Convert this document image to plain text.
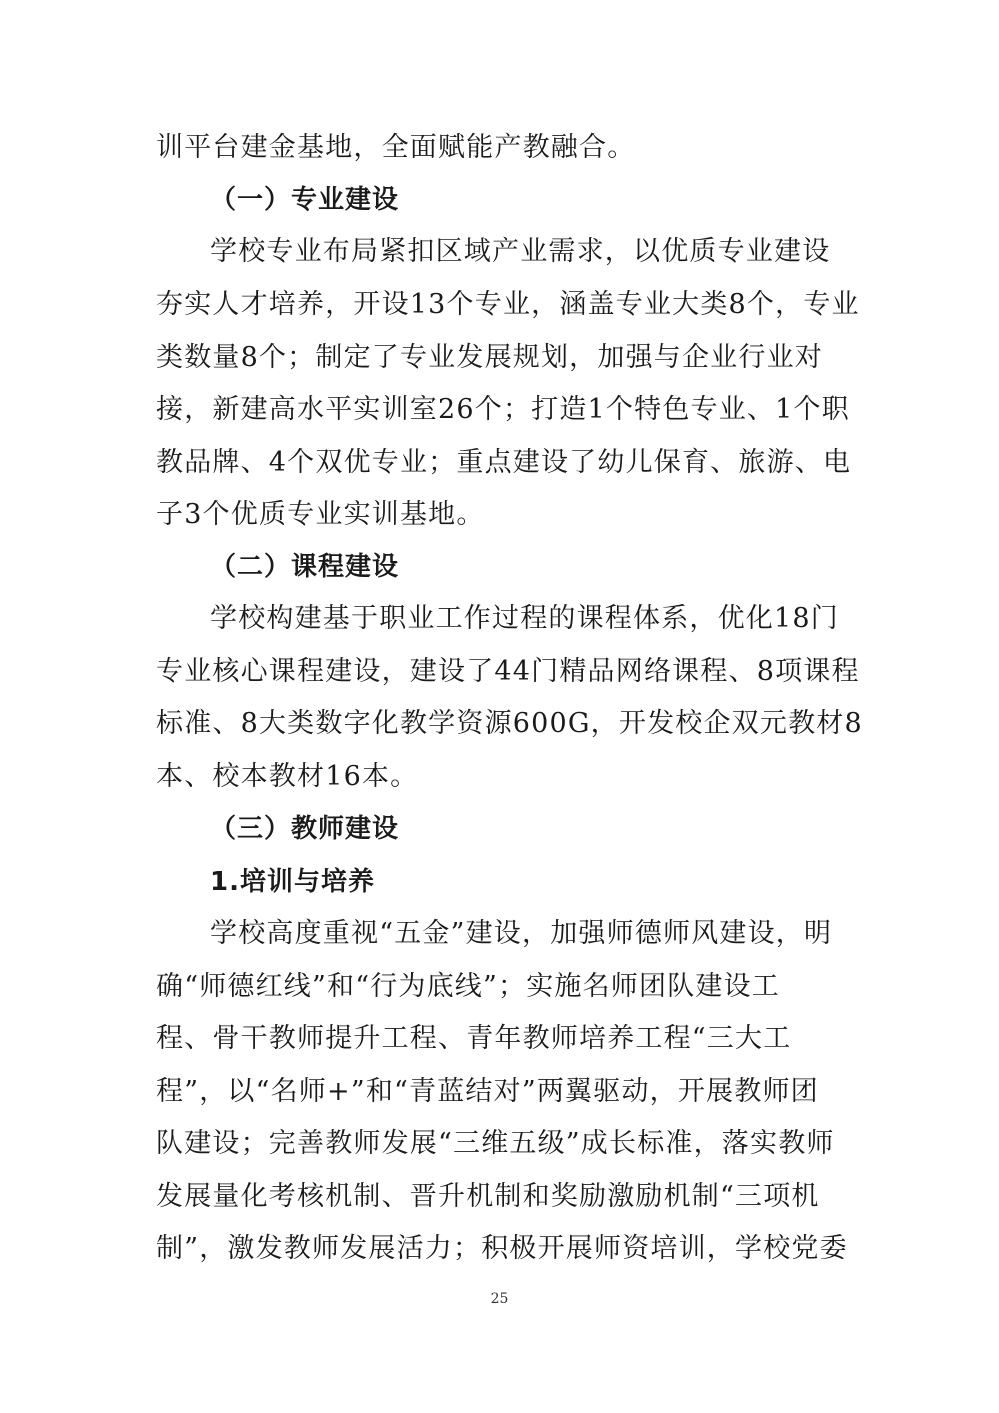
训平台建金基地，全面赋能产教融合。
（一）专业建设
学校专业布局紧扣区域产业需求，以优质专业建设
夯实人才培养，开设13个专业，涵盖专业大类8个，专业
类数量8个；制定了专业发展规划，加强与企业行业对
接，新建高水平实训室26个；打造1个特色专业、1个职
教品牌、4个双优专业；重点建设了幼儿保育、旅游、电
子3个优质专业实训基地。
（二）课程建设
学校构建基于职业工作过程的课程体系，优化18门
专业核心课程建设，建设了44门精品网络课程、8项课程
标准、8大类数字化教学资源600G，开发校企双元教材8
本、校本教材16本。
（三）教师建设
1.培训与培养
学校高度重视“五金”建设，加强师德师风建设，明
确“师德红线”和“行为底线”；实施名师团队建设工
程、骨干教师提升工程、青年教师培养工程“三大工
程”，以“名师+”和“青蓝结对”两翼驱动，开展教师团
队建设；完善教师发展“三维五级”成长标准，落实教师
发展量化考核机制、晋升机制和奖励激励机制“三项机
制”，激发教师发展活力；积极开展师资培训，学校党委
25
